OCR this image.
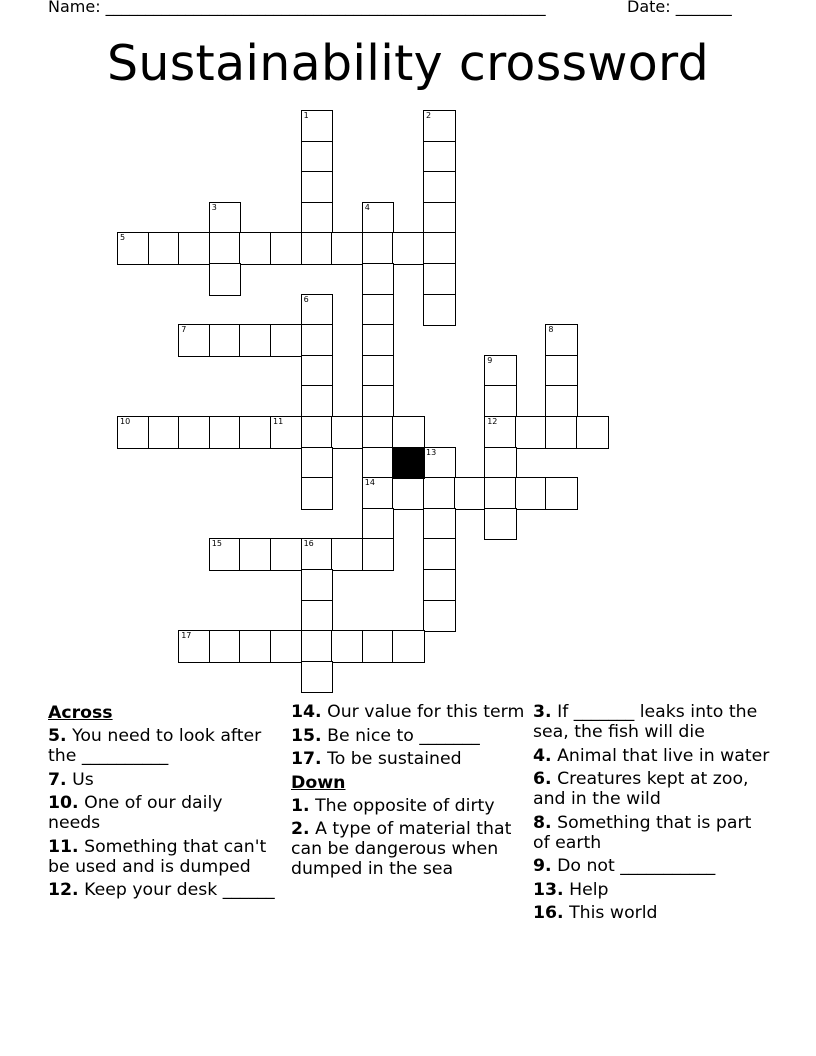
Name: _______________________________________________________	Date: _______
Sustainability crossword
1	2
3	4
5
6
7	8
9
10	11	12
13
14
15	16
17
Across
5. You need to look after the __________
7. Us
10. One of our daily needs
11. Something that can't be used and is dumped
12. Keep your desk ______
14. Our value for this term
15. Be nice to _______
17. To be sustained
Down
1. The opposite of dirty
2. A type of material that can be dangerous when dumped in the sea
3. If _______ leaks into the sea, the fish will die
4. Animal that live in water
6. Creatures kept at zoo, and in the wild
8. Something that is part of earth
9. Do not ___________
13. Help
16. This world
